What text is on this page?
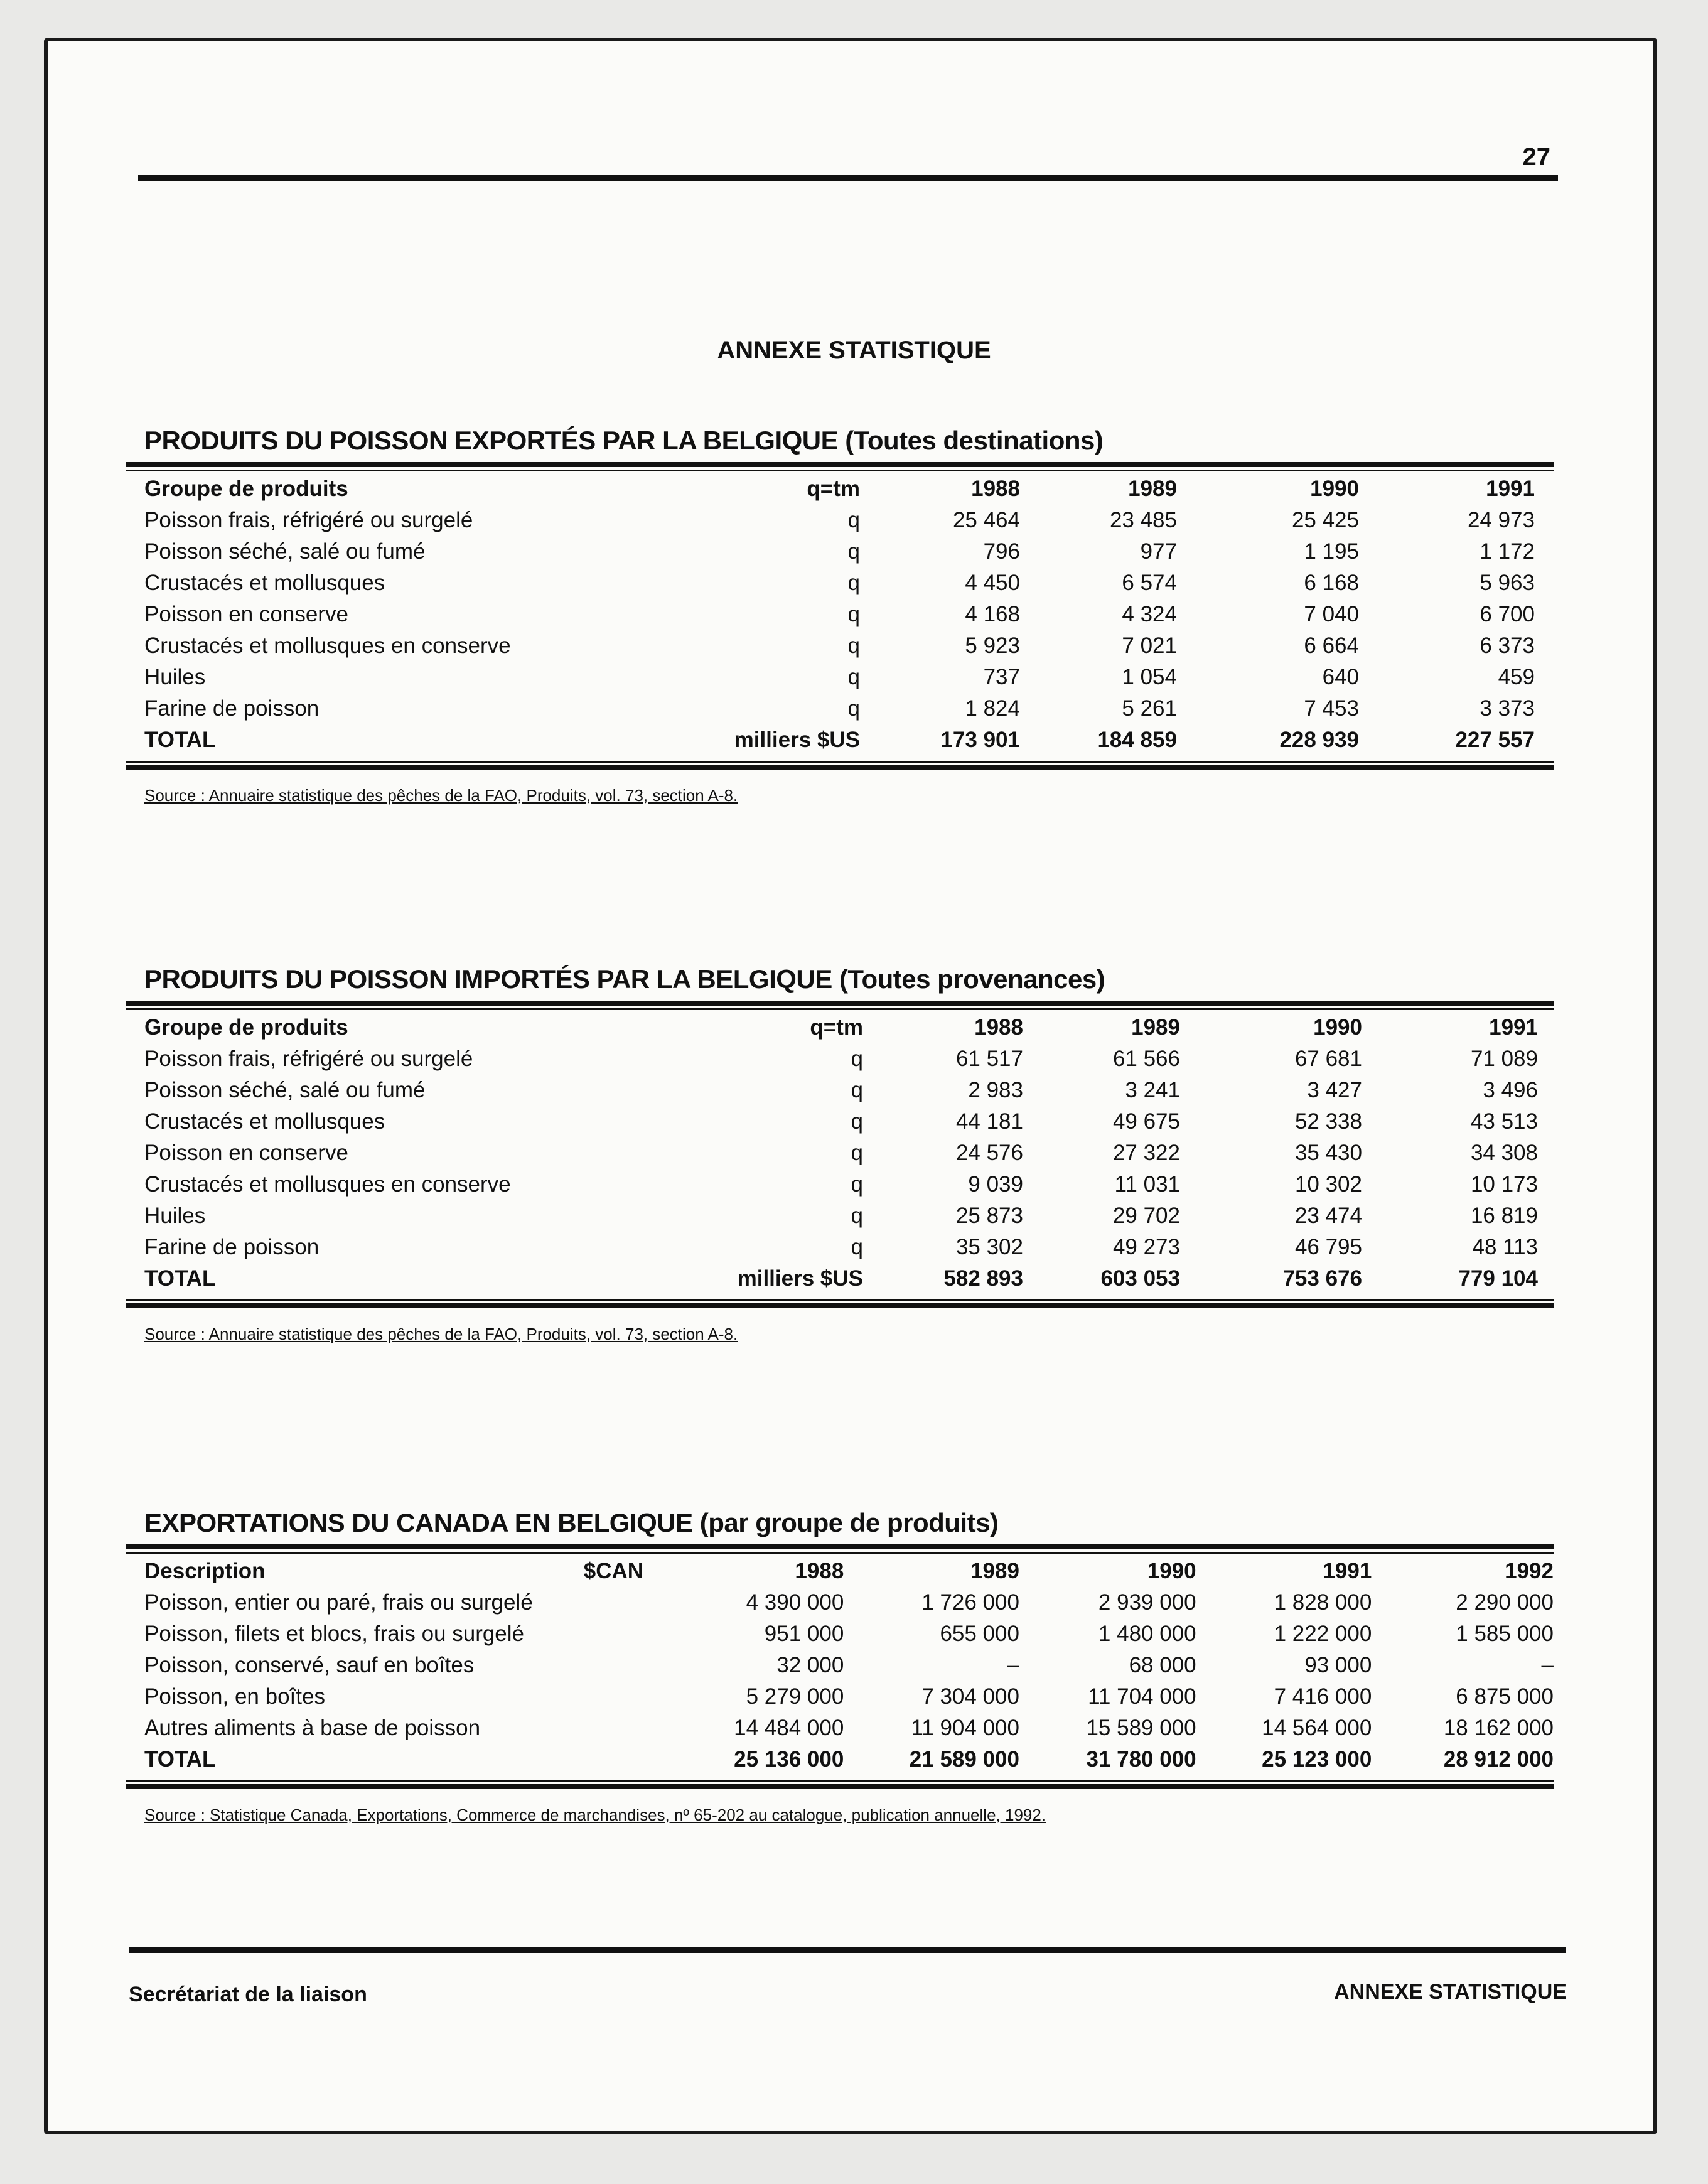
27
ANNEXE STATISTIQUE
PRODUITS DU POISSON EXPORTÉS PAR LA BELGIQUE (Toutes destinations)
Groupe de produits	q=tm	1988	1989	1990	1991
Poisson frais, réfrigéré ou surgelé	q	25 464	23 485	25 425	24 973
Poisson séché, salé ou fumé	q	796	977	1 195	1 172
Crustacés et mollusques	q	4 450	6 574	6 168	5 963
Poisson en conserve	q	4 168	4 324	7 040	6 700
Crustacés et mollusques en conserve	q	5 923	7 021	6 664	6 373
Huiles	q	737	1 054	640	459
Farine de poisson	q	1 824	5 261	7 453	3 373
TOTAL	milliers $US	173 901	184 859	228 939	227 557
Source : Annuaire statistique des pêches de la FAO, Produits, vol. 73, section A-8.
PRODUITS DU POISSON IMPORTÉS PAR LA BELGIQUE (Toutes provenances)
Groupe de produits	q=tm	1988	1989	1990	1991
Poisson frais, réfrigéré ou surgelé	q	61 517	61 566	67 681	71 089
Poisson séché, salé ou fumé	q	2 983	3 241	3 427	3 496
Crustacés et mollusques	q	44 181	49 675	52 338	43 513
Poisson en conserve	q	24 576	27 322	35 430	34 308
Crustacés et mollusques en conserve	q	9 039	11 031	10 302	10 173
Huiles	q	25 873	29 702	23 474	16 819
Farine de poisson	q	35 302	49 273	46 795	48 113
TOTAL	milliers $US	582 893	603 053	753 676	779 104
Source : Annuaire statistique des pêches de la FAO, Produits, vol. 73, section A-8.
EXPORTATIONS DU CANADA EN BELGIQUE (par groupe de produits)
Description	$CAN	1988	1989	1990	1991	1992
Poisson, entier ou paré, frais ou surgelé		4 390 000	1 726 000	2 939 000	1 828 000	2 290 000
Poisson, filets et blocs, frais ou surgelé		951 000	655 000	1 480 000	1 222 000	1 585 000
Poisson, conservé, sauf en boîtes		32 000	–	68 000	93 000	–
Poisson, en boîtes		5 279 000	7 304 000	11 704 000	7 416 000	6 875 000
Autres aliments à base de poisson		14 484 000	11 904 000	15 589 000	14 564 000	18 162 000
TOTAL		25 136 000	21 589 000	31 780 000	25 123 000	28 912 000
Source : Statistique Canada, Exportations, Commerce de marchandises, nº 65-202 au catalogue, publication annuelle, 1992.
Secrétariat de la liaison	ANNEXE STATISTIQUE
